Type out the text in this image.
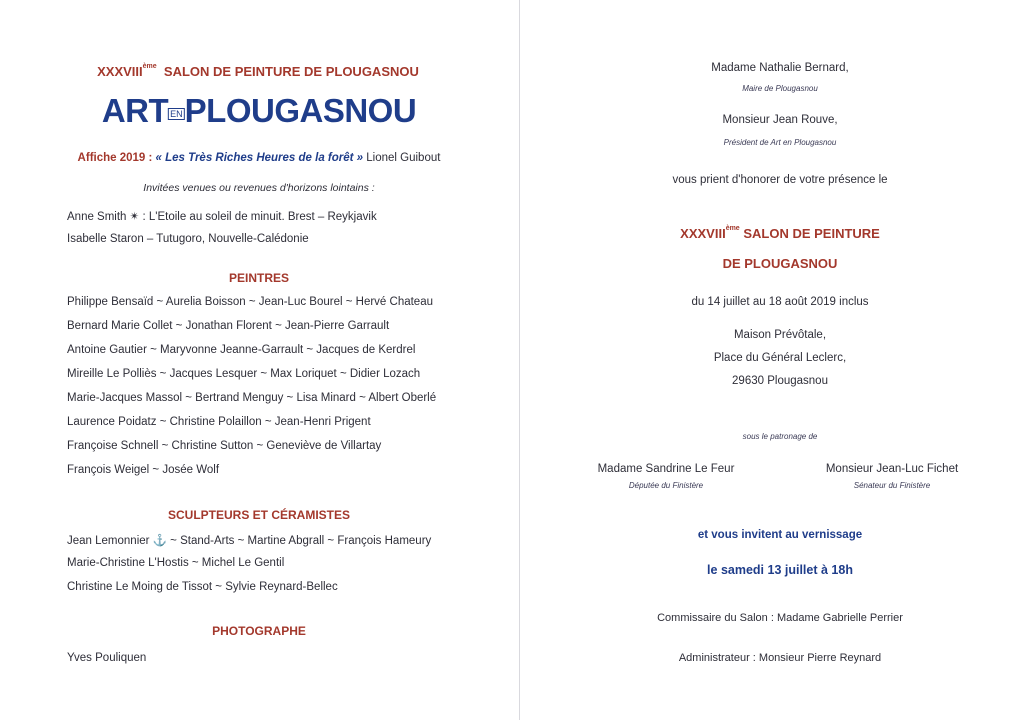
XXXVIIIème SALON DE PEINTURE DE PLOUGASNOU
ART $^{EN}$PLOUGASNOU
Affiche 2019 : « Les Très Riches Heures de la forêt » Lionel Guibout
Invitées venues ou revenues d'horizons lointains :
Anne Smith ✴ : L'Etoile au soleil de minuit. Brest – Reykjavik
Isabelle Staron – Tutugoro, Nouvelle-Calédonie
PEINTRES
Philippe Bensaïd ~ Aurelia Boisson ~ Jean-Luc Bourel ~ Hervé Chateau
Bernard Marie Collet ~ Jonathan Florent ~ Jean-Pierre Garrault
Antoine Gautier ~ Maryvonne Jeanne-Garrault ~ Jacques de Kerdrel
Mireille Le Polliès ~ Jacques Lesquer ~ Max Loriquet ~ Didier Lozach
Marie-Jacques Massol ~ Bertrand Menguy ~ Lisa Minard ~ Albert Oberlé
Laurence Poidatz ~ Christine Polaillon ~ Jean-Henri Prigent
Françoise Schnell ~ Christine Sutton ~ Geneviève de Villartay
François Weigel ~ Josée Wolf
SCULPTEURS ET CÉRAMISTES
Jean Lemonnier ⚓ ~ Stand-Arts ~ Martine Abgrall ~ François Hameury
Marie-Christine L'Hostis ~ Michel Le Gentil
Christine Le Moing de Tissot ~ Sylvie Reynard-Bellec
PHOTOGRAPHE
Yves Pouliquen
Madame Nathalie Bernard,
Maire de Plougasnou
Monsieur Jean Rouve,
Président de Art en Plougasnou
vous prient d'honorer de votre présence le
XXXVIIIème SALON DE PEINTURE
DE PLOUGASNOU
du 14 juillet au 18 août 2019 inclus
Maison Prévôtale,
Place du Général Leclerc,
29630 Plougasnou
sous le patronage de
Madame Sandrine Le Feur
Députée du Finistère
Monsieur Jean-Luc Fichet
Sénateur du Finistère
et vous invitent au vernissage
le samedi 13 juillet à 18h
Commissaire du Salon : Madame Gabrielle Perrier
Administrateur : Monsieur Pierre Reynard
